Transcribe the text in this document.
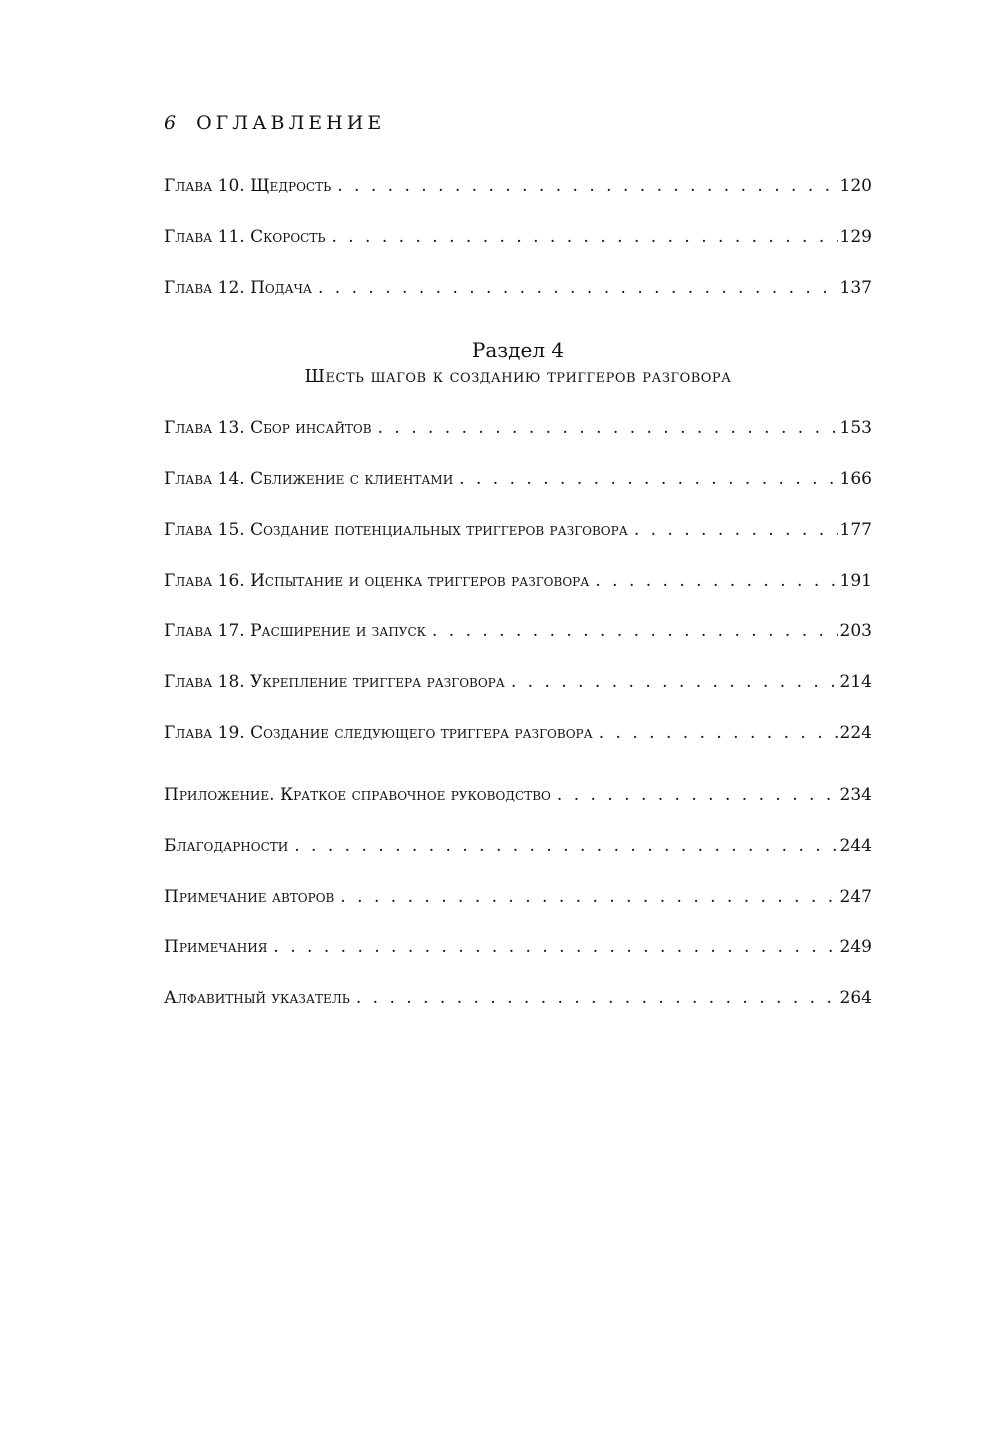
6 ОГЛАВЛЕНИЕ
Глава 10. Щедрость . . .	120
Глава 11. Скорость . . .	129
Глава 12. Подача . . .	137
Раздел 4
Шесть шагов к созданию триггеров разговора
Глава 13. Сбор инсайтов . . .	153
Глава 14. Сближение с клиентами . . .	166
Глава 15. Создание потенциальных триггеров разговора . . .	177
Глава 16. Испытание и оценка триггеров разговора . . .	191
Глава 17. Расширение и запуск . . .	203
Глава 18. Укрепление триггера разговора . . .	214
Глава 19. Создание следующего триггера разговора . . .	224
Приложение. Краткое справочное руководство . . .	234
Благодарности . . .	244
Примечание авторов . . .	247
Примечания . . .	249
Алфавитный указатель . . .	264
